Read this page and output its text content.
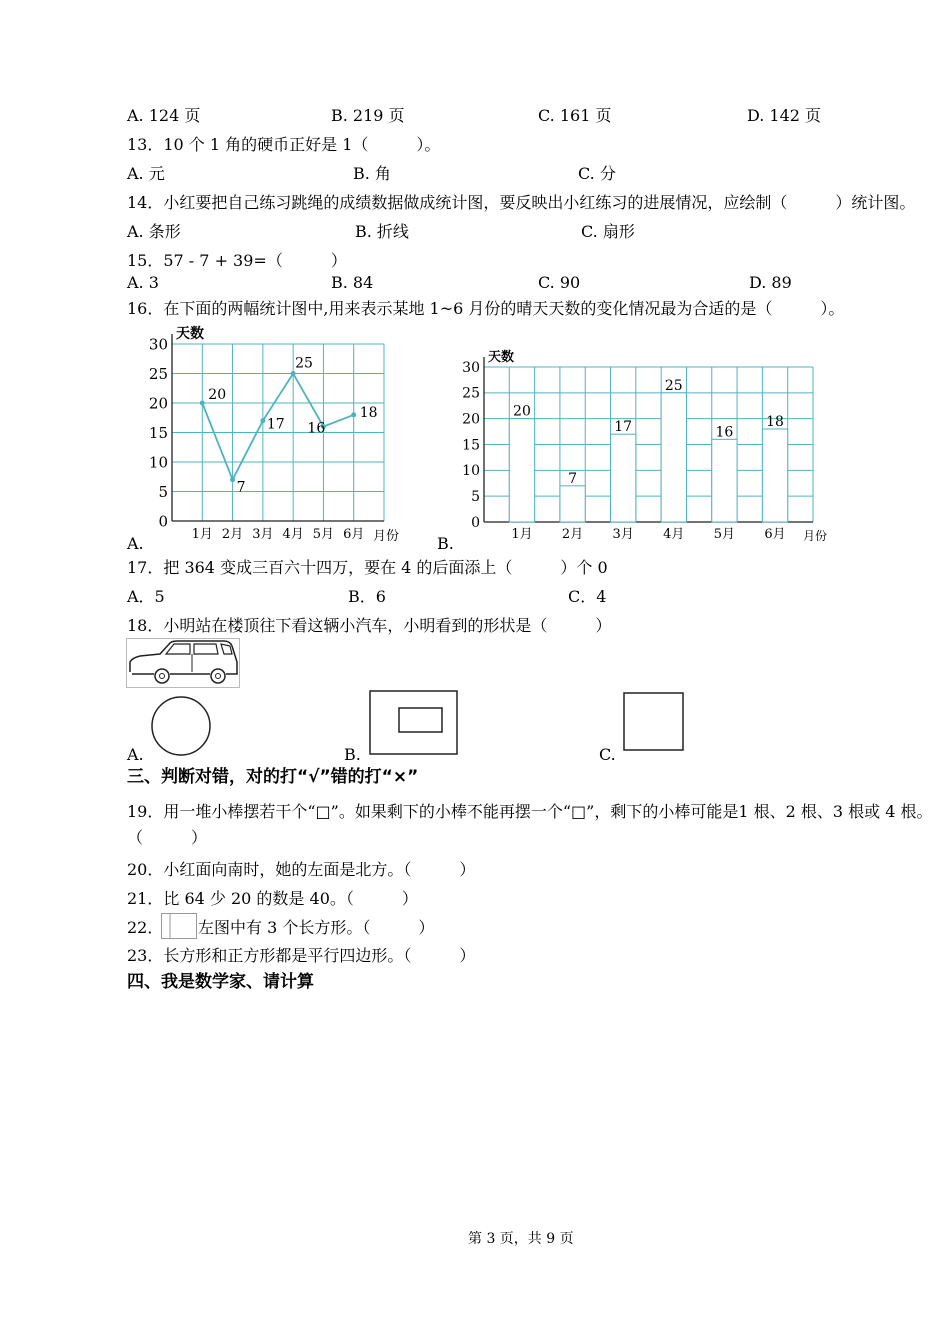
A. 124 页	B. 219 页	C. 161 页	D. 142 页
13．10 个 1 角的硬币正好是 1（　　　）。
A. 元	B. 角	C. 分
14．小红要把自己练习跳绳的成绩数据做成统计图，要反映出小红练习的进展情况，应绘制（　　　）统计图。
A. 条形	B. 折线	C. 扇形
15．57 - 7 + 39=（　　　）
A. 3	B. 84	C. 90	D. 89
16．在下面的两幅统计图中,用来表示某地 1~6 月份的晴天天数的变化情况最为合适的是（　　　）。
0
5
10
15
20
25
30
天数
月份
20
7
17
25
16
18
1月 2月 3月 4月 5月 6月
A.
0
5
10
15
20
25
30
天数
月份
20
7
17
25
16
18
1月 2月 3月 4月 5月 6月
B.
17．把 364 变成三百六十四万，要在 4 的后面添上（　　　）个 0
A．5	B．6	C．4
18．小明站在楼顶往下看这辆小汽车，小明看到的形状是（　　　）
A.	B.	C.
三、判断对错，对的打“√”错的打“×”
19．用一堆小棒摆若干个“□”。如果剩下的小棒不能再摆一个“□”，剩下的小棒可能是1 根、2 根、3 根或 4 根。
（　　　）
20．小红面向南时，她的左面是北方。（　　　）
21．比 64 少 20 的数是 40。（　　　）
22． 左图中有 3 个长方形。（　　　）
23．长方形和正方形都是平行四边形。（　　　）
四、我是数学家、请计算
第 3 页，共 9 页
